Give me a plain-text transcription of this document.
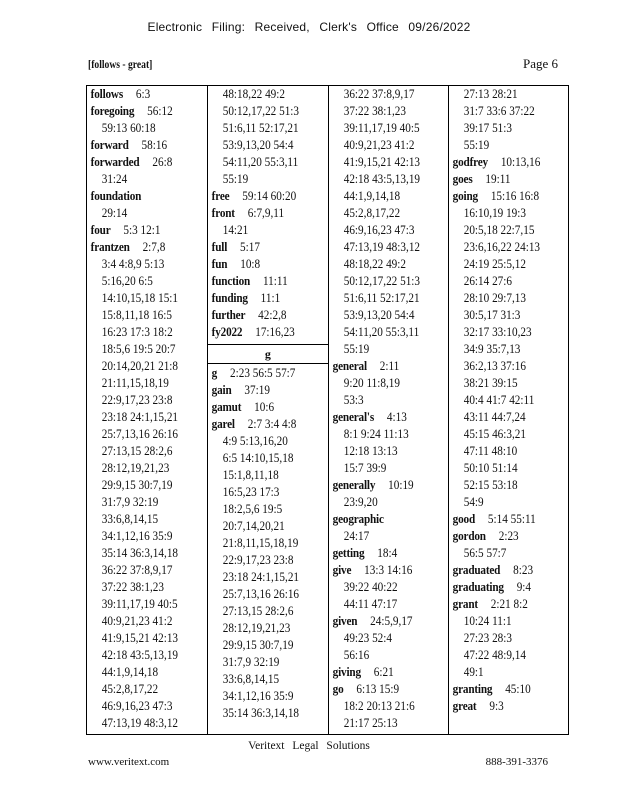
Electronic Filing: Received, Clerk's Office 09/26/2022
[follows - great]	Page 6
follows 6:3
foregoing 56:12
59:13 60:18
forward 58:16
forwarded 26:8
31:24
foundation
29:14
four 5:3 12:1
frantzen 2:7,8
3:4 4:8,9 5:13
5:16,20 6:5
14:10,15,18 15:1
15:8,11,18 16:5
16:23 17:3 18:2
18:5,6 19:5 20:7
20:14,20,21 21:8
21:11,15,18,19
22:9,17,23 23:8
23:18 24:1,15,21
25:7,13,16 26:16
27:13,15 28:2,6
28:12,19,21,23
29:9,15 30:7,19
31:7,9 32:19
33:6,8,14,15
34:1,12,16 35:9
35:14 36:3,14,18
36:22 37:8,9,17
37:22 38:1,23
39:11,17,19 40:5
40:9,21,23 41:2
41:9,15,21 42:13
42:18 43:5,13,19
44:1,9,14,18
45:2,8,17,22
46:9,16,23 47:3
47:13,19 48:3,12
48:18,22 49:2
50:12,17,22 51:3
51:6,11 52:17,21
53:9,13,20 54:4
54:11,20 55:3,11
55:19
free 59:14 60:20
front 6:7,9,11
14:21
full 5:17
fun 10:8
function 11:11
funding 11:1
further 42:2,8
fy2022 17:16,23
g
g 2:23 56:5 57:7
gain 37:19
gamut 10:6
garel 2:7 3:4 4:8
4:9 5:13,16,20
6:5 14:10,15,18
15:1,8,11,18
16:5,23 17:3
18:2,5,6 19:5
20:7,14,20,21
21:8,11,15,18,19
22:9,17,23 23:8
23:18 24:1,15,21
25:7,13,16 26:16
27:13,15 28:2,6
28:12,19,21,23
29:9,15 30:7,19
31:7,9 32:19
33:6,8,14,15
34:1,12,16 35:9
35:14 36:3,14,18
36:22 37:8,9,17
37:22 38:1,23
39:11,17,19 40:5
40:9,21,23 41:2
41:9,15,21 42:13
42:18 43:5,13,19
44:1,9,14,18
45:2,8,17,22
46:9,16,23 47:3
47:13,19 48:3,12
48:18,22 49:2
50:12,17,22 51:3
51:6,11 52:17,21
53:9,13,20 54:4
54:11,20 55:3,11
55:19
general 2:11
9:20 11:8,19
53:3
general's 4:13
8:1 9:24 11:13
12:18 13:13
15:7 39:9
generally 10:19
23:9,20
geographic
24:17
getting 18:4
give 13:3 14:16
39:22 40:22
44:11 47:17
given 24:5,9,17
49:23 52:4
56:16
giving 6:21
go 6:13 15:9
18:2 20:13 21:6
21:17 25:13
27:13 28:21
31:7 33:6 37:22
39:17 51:3
55:19
godfrey 10:13,16
goes 19:11
going 15:16 16:8
16:10,19 19:3
20:5,18 22:7,15
23:6,16,22 24:13
24:19 25:5,12
26:14 27:6
28:10 29:7,13
30:5,17 31:3
32:17 33:10,23
34:9 35:7,13
36:2,13 37:16
38:21 39:15
40:4 41:7 42:11
43:11 44:7,24
45:15 46:3,21
47:11 48:10
50:10 51:14
52:15 53:18
54:9
good 5:14 55:11
gordon 2:23
56:5 57:7
graduated 8:23
graduating 9:4
grant 2:21 8:2
10:24 11:1
27:23 28:3
47:22 48:9,14
49:1
granting 45:10
great 9:3
Veritext Legal Solutions
www.veritext.com	888-391-3376
